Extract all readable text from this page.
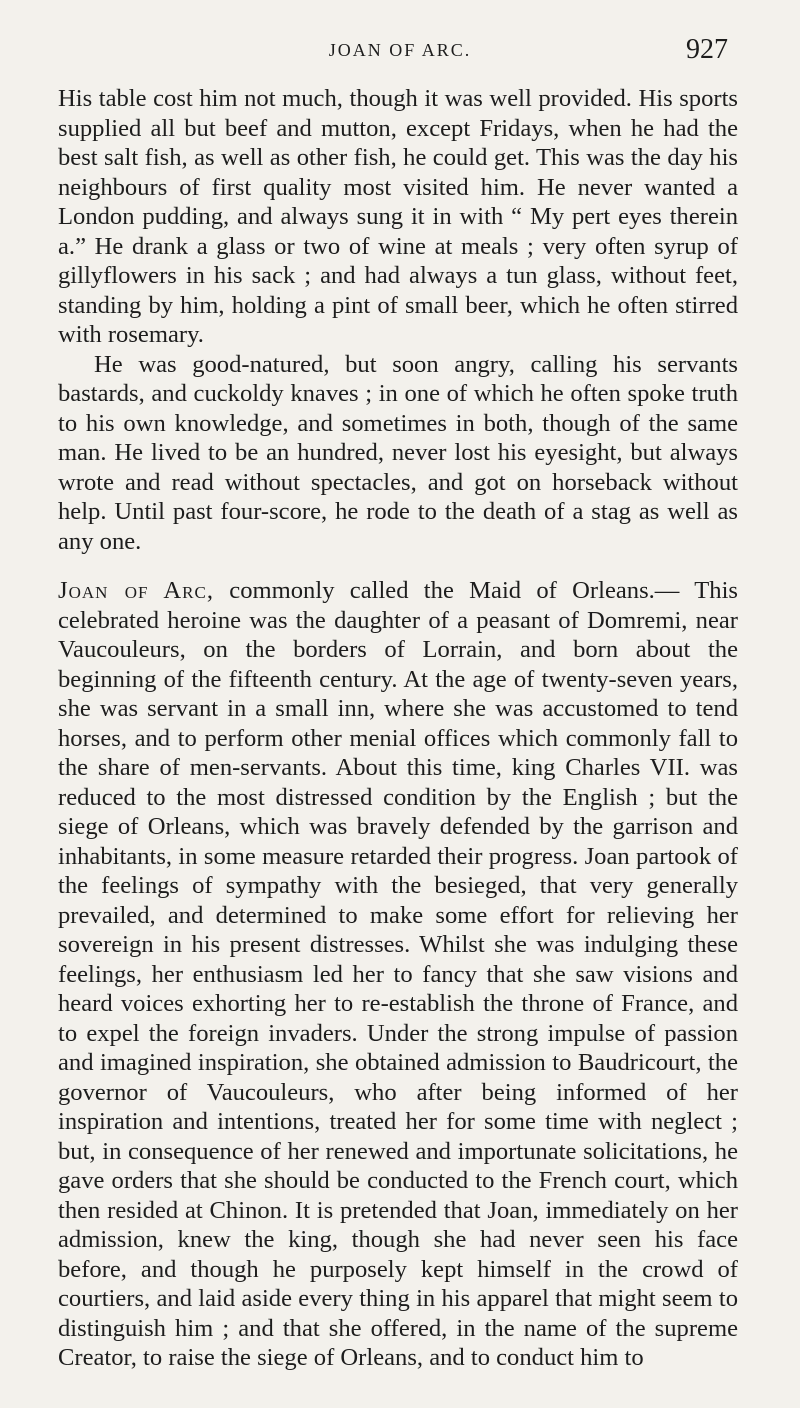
JOAN OF ARC.	927

His table cost him not much, though it was well provided. His sports supplied all but beef and mutton, except Fridays, when he had the best salt fish, as well as other fish, he could get. This was the day his neighbours of first quality most visited him. He never wanted a London pudding, and always sung it in with “ My pert eyes therein a.” He drank a glass or two of wine at meals ; very often syrup of gillyflowers in his sack ; and had always a tun glass, without feet, standing by him, holding a pint of small beer, which he often stirred with rosemary.

He was good-natured, but soon angry, calling his servants bastards, and cuckoldy knaves ; in one of which he often spoke truth to his own knowledge, and sometimes in both, though of the same man. He lived to be an hundred, never lost his eyesight, but always wrote and read without spectacles, and got on horseback without help. Until past four-score, he rode to the death of a stag as well as any one.

Joan of Arc, commonly called the Maid of Orleans.— This celebrated heroine was the daughter of a peasant of Domremi, near Vaucouleurs, on the borders of Lorrain, and born about the beginning of the fifteenth century. At the age of twenty-seven years, she was servant in a small inn, where she was accustomed to tend horses, and to perform other menial offices which commonly fall to the share of men-servants. About this time, king Charles VII. was reduced to the most distressed condition by the English ; but the siege of Orleans, which was bravely defended by the garrison and inhabitants, in some measure retarded their progress. Joan partook of the feelings of sympathy with the besieged, that very generally prevailed, and determined to make some effort for relieving her sovereign in his present distresses. Whilst she was indulging these feelings, her enthusiasm led her to fancy that she saw visions and heard voices exhorting her to re-establish the throne of France, and to expel the foreign invaders. Under the strong impulse of passion and imagined inspiration, she obtained admission to Baudricourt, the governor of Vaucouleurs, who after being informed of her inspiration and intentions, treated her for some time with neglect ; but, in consequence of her renewed and importunate solicitations, he gave orders that she should be conducted to the French court, which then resided at Chinon. It is pretended that Joan, immediately on her admission, knew the king, though she had never seen his face before, and though he purposely kept himself in the crowd of courtiers, and laid aside every thing in his apparel that might seem to distinguish him ; and that she offered, in the name of the supreme Creator, to raise the siege of Orleans, and to conduct him to
